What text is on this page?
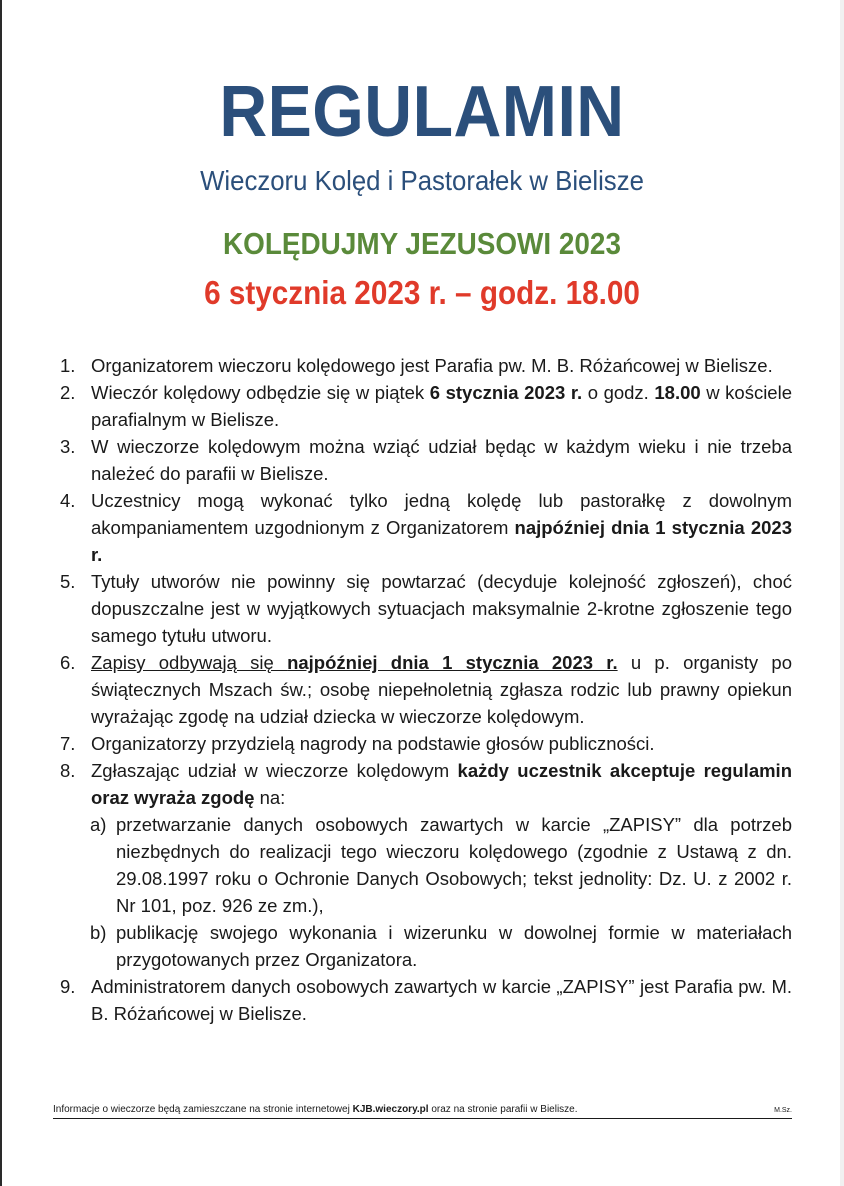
REGULAMIN
Wieczoru Kolęd i Pastorałek w Bielisze
KOLĘDUJMY JEZUSOWI 2023
6 stycznia 2023 r. – godz. 18.00
1. Organizatorem wieczoru kolędowego jest Parafia pw. M. B. Różańcowej w Bielisze.
2. Wieczór kolędowy odbędzie się w piątek 6 stycznia 2023 r. o godz. 18.00 w kościele parafialnym w Bielisze.
3. W wieczorze kolędowym można wziąć udział będąc w każdym wieku i nie trzeba należeć do parafii w Bielisze.
4. Uczestnicy mogą wykonać tylko jedną kolędę lub pastorałkę z dowolnym akompaniamentem uzgodnionym z Organizatorem najpóźniej dnia 1 stycznia 2023 r.
5. Tytuły utworów nie powinny się powtarzać (decyduje kolejność zgłoszeń), choć dopuszczalne jest w wyjątkowych sytuacjach maksymalnie 2-krotne zgłoszenie tego samego tytułu utworu.
6. Zapisy odbywają się najpóźniej dnia 1 stycznia 2023 r. u p. organisty po świątecznych Mszach św.; osobę niepełnoletnią zgłasza rodzic lub prawny opiekun wyrażając zgodę na udział dziecka w wieczorze kolędowym.
7. Organizatorzy przydzielą nagrody na podstawie głosów publiczności.
8. Zgłaszając udział w wieczorze kolędowym każdy uczestnik akceptuje regulamin oraz wyraża zgodę na:
a) przetwarzanie danych osobowych zawartych w karcie „ZAPISY” dla potrzeb niezbędnych do realizacji tego wieczoru kolędowego (zgodnie z Ustawą z dn. 29.08.1997 roku o Ochronie Danych Osobowych; tekst jednolity: Dz. U. z 2002 r. Nr 101, poz. 926 ze zm.),
b) publikację swojego wykonania i wizerunku w dowolnej formie w materiałach przygotowanych przez Organizatora.
9. Administratorem danych osobowych zawartych w karcie „ZAPISY” jest Parafia pw. M. B. Różańcowej w Bielisze.
Informacje o wieczorze będą zamieszczane na stronie internetowej KJB.wieczory.pl oraz na stronie parafii w Bielisze.	M.Sz.
